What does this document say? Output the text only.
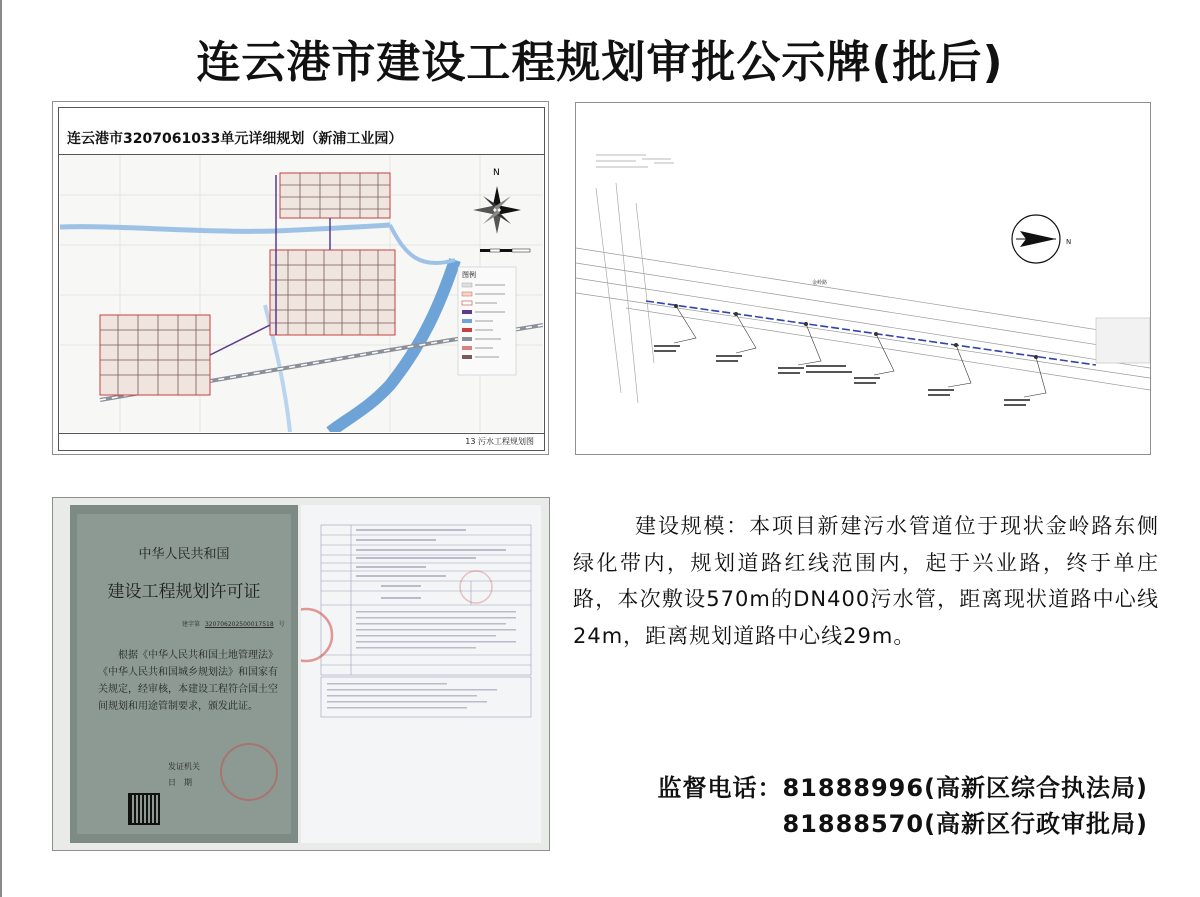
连云港市建设工程规划审批公示牌(批后)
连云港市3207061033单元详细规划（新浦工业园）
N
图例
13 污水工程规划图
N
金岭路
中华人民共和国
建设工程规划许可证
建字第 320706202500017518 号
根据《中华人民共和国土地管理法》《中华人民共和国城乡规划法》和国家有关规定，经审核，本建设工程符合国土空间规划和用途管制要求，颁发此证。
发证机关
日　期
建设规模：本项目新建污水管道位于现状金岭路东侧绿化带内，规划道路红线范围内，起于兴业路，终于单庄路，本次敷设570m的DN400污水管，距离现状道路中心线24m，距离规划道路中心线29m。
监督电话：81888996(高新区综合执法局)
81888570(高新区行政审批局)
